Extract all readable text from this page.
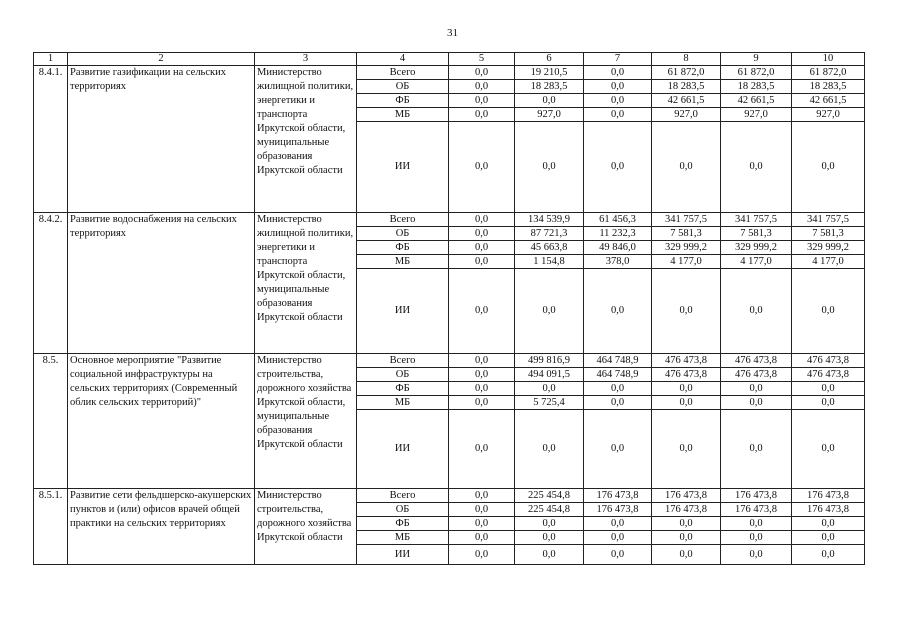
31
1	2	3	4	5	6	7	8	9	10
8.4.1.	Развитие газификации на сельских территориях	Министерство жилищной политики, энергетики и транспорта Иркутской области, муниципальные образования Иркутской области	Всего	0,0	19 210,5	0,0	61 872,0	61 872,0	61 872,0
			ОБ	0,0	18 283,5	0,0	18 283,5	18 283,5	18 283,5
			ФБ	0,0	0,0	0,0	42 661,5	42 661,5	42 661,5
			МБ	0,0	927,0	0,0	927,0	927,0	927,0
			ИИ	0,0	0,0	0,0	0,0	0,0	0,0
8.4.2.	Развитие водоснабжения на сельских территориях	Министерство жилищной политики, энергетики и транспорта Иркутской области, муниципальные образования Иркутской области	Всего	0,0	134 539,9	61 456,3	341 757,5	341 757,5	341 757,5
			ОБ	0,0	87 721,3	11 232,3	7 581,3	7 581,3	7 581,3
			ФБ	0,0	45 663,8	49 846,0	329 999,2	329 999,2	329 999,2
			МБ	0,0	1 154,8	378,0	4 177,0	4 177,0	4 177,0
			ИИ	0,0	0,0	0,0	0,0	0,0	0,0
8.5.	Основное мероприятие "Развитие социальной инфраструктуры на сельских территориях (Современный облик сельских территорий)"	Министерство строительства, дорожного хозяйства Иркутской области, муниципальные образования Иркутской области	Всего	0,0	499 816,9	464 748,9	476 473,8	476 473,8	476 473,8
			ОБ	0,0	494 091,5	464 748,9	476 473,8	476 473,8	476 473,8
			ФБ	0,0	0,0	0,0	0,0	0,0	0,0
			МБ	0,0	5 725,4	0,0	0,0	0,0	0,0
			ИИ	0,0	0,0	0,0	0,0	0,0	0,0
8.5.1.	Развитие сети фельдшерско-акушерских пунктов и (или) офисов врачей общей практики на сельских территориях	Министерство строительства, дорожного хозяйства Иркутской области	Всего	0,0	225 454,8	176 473,8	176 473,8	176 473,8	176 473,8
			ОБ	0,0	225 454,8	176 473,8	176 473,8	176 473,8	176 473,8
			ФБ	0,0	0,0	0,0	0,0	0,0	0,0
			МБ	0,0	0,0	0,0	0,0	0,0	0,0
			ИИ	0,0	0,0	0,0	0,0	0,0	0,0
